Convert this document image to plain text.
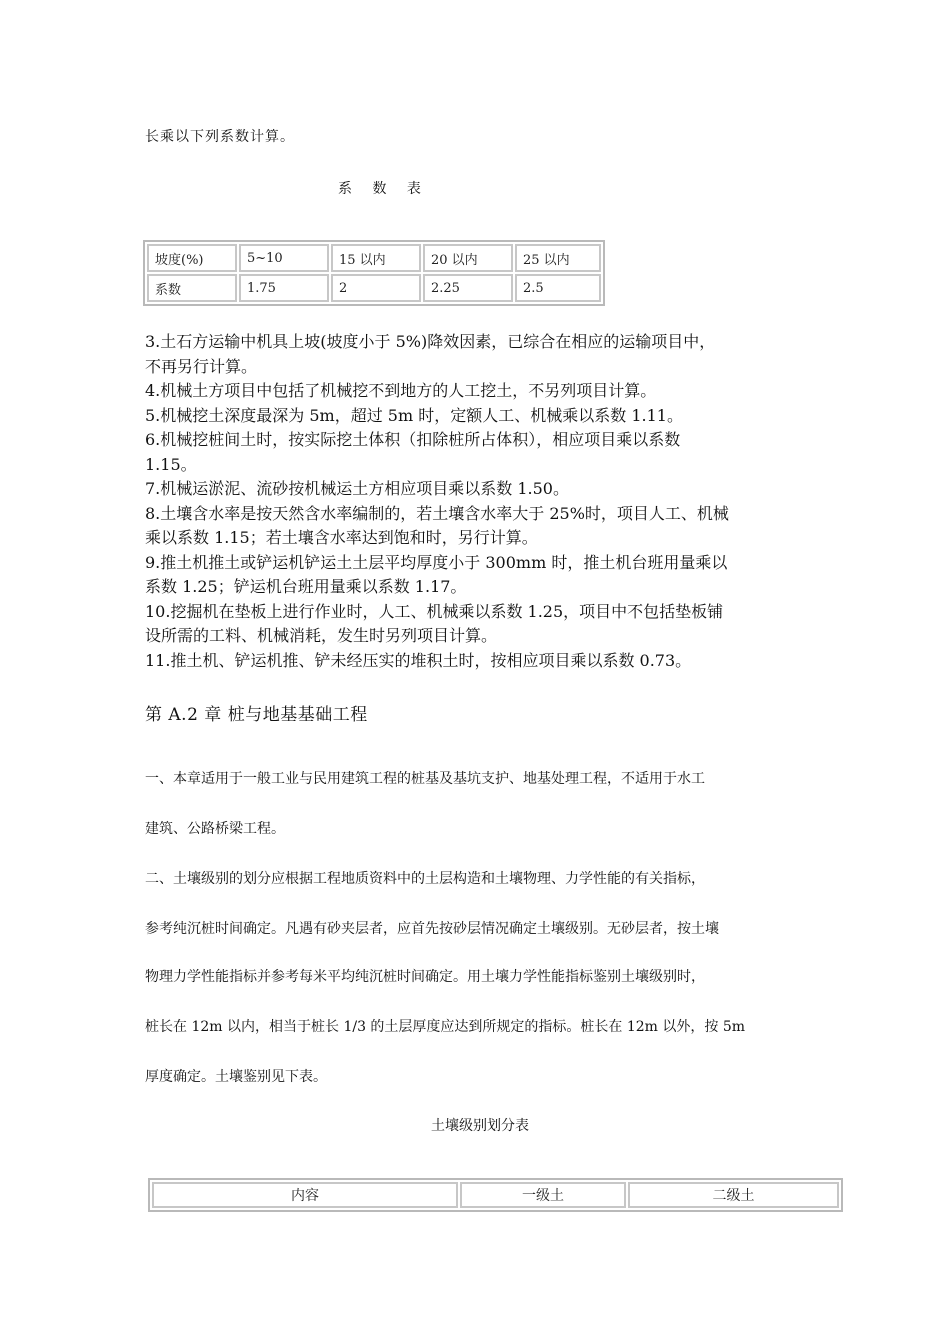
长乘以下列系数计算。
系 数 表
坡度(%)	5~10	15 以内	20 以内	25 以内
系数	1.75	2	2.25	2.5
3.土石方运输中机具上坡(坡度小于 5%)降效因素，已综合在相应的运输项目中，
不再另行计算。
4.机械土方项目中包括了机械挖不到地方的人工挖土，不另列项目计算。
5.机械挖土深度最深为 5m，超过 5m 时，定额人工、机械乘以系数 1.11。
6.机械挖桩间土时，按实际挖土体积（扣除桩所占体积），相应项目乘以系数
1.15。
7.机械运淤泥、流砂按机械运土方相应项目乘以系数 1.50。
8.土壤含水率是按天然含水率编制的，若土壤含水率大于 25%时，项目人工、机械
乘以系数 1.15；若土壤含水率达到饱和时，另行计算。
9.推土机推土或铲运机铲运土土层平均厚度小于 300mm 时，推土机台班用量乘以
系数 1.25；铲运机台班用量乘以系数 1.17。
10.挖掘机在垫板上进行作业时，人工、机械乘以系数 1.25，项目中不包括垫板铺
设所需的工料、机械消耗，发生时另列项目计算。
11.推土机、铲运机推、铲未经压实的堆积土时，按相应项目乘以系数 0.73。
第 A.2 章 桩与地基基础工程
一、本章适用于一般工业与民用建筑工程的桩基及基坑支护、地基处理工程，不适用于水工
建筑、公路桥梁工程。
二、土壤级别的划分应根据工程地质资料中的土层构造和土壤物理、力学性能的有关指标，
参考纯沉桩时间确定。凡遇有砂夹层者，应首先按砂层情况确定土壤级别。无砂层者，按土壤
物理力学性能指标并参考每米平均纯沉桩时间确定。用土壤力学性能指标鉴别土壤级别时，
桩长在 12m 以内，相当于桩长 1/3 的土层厚度应达到所规定的指标。桩长在 12m 以外，按 5m
厚度确定。土壤鉴别见下表。
土壤级别划分表
内容	一级土	二级土
